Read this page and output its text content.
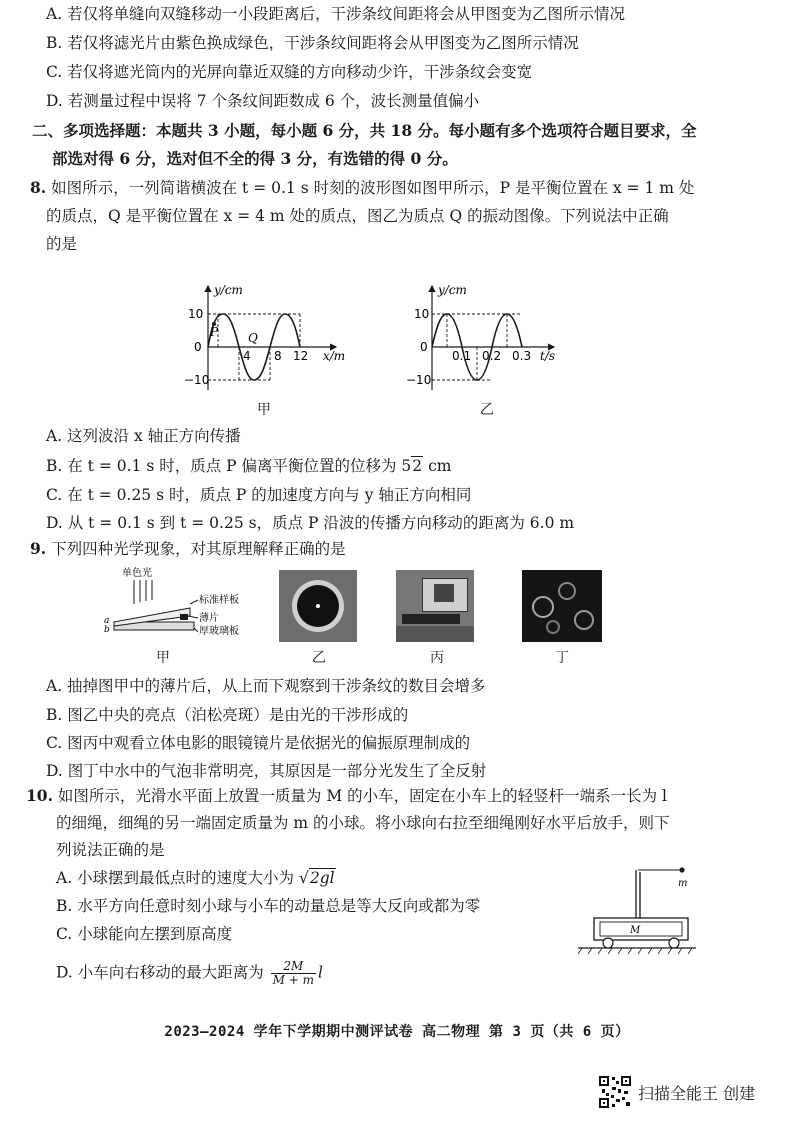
A. 若仅将单缝向双缝移动一小段距离后，干涉条纹间距将会从甲图变为乙图所示情况
B. 若仅将滤光片由紫色换成绿色，干涉条纹间距将会从甲图变为乙图所示情况
C. 若仅将遮光筒内的光屏向靠近双缝的方向移动少许，干涉条纹会变宽
D. 若测量过程中误将 7 个条纹间距数成 6 个，波长测量值偏小
二、多项选择题：本题共 3 小题，每小题 6 分，共 18 分。每小题有多个选项符合题目要求，全
部选对得 6 分，选对但不全的得 3 分，有选错的得 0 分。
8. 如图所示，一列简谐横波在 t = 0.1 s 时刻的波形图如图甲所示，P 是平衡位置在 x = 1 m 处
的质点，Q 是平衡位置在 x = 4 m 处的质点，图乙为质点 Q 的振动图像。下列说法中正确
的是
10
0
−10
y/cm
x/m
4 8 12
P Q
甲
10
0
−10
y/cm
t/s
0.1 0.2 0.3
乙
A. 这列波沿 x 轴正方向传播
B. 在 t = 0.1 s 时，质点 P 偏离平衡位置的位移为 52 cm
C. 在 t = 0.25 s 时，质点 P 的加速度方向与 y 轴正方向相同
D. 从 t = 0.1 s 到 t = 0.25 s，质点 P 沿波的传播方向移动的距离为 6.0 m
9. 下列四种光学现象，对其原理解释正确的是
单色光
标准样板
薄片
厚玻璃板
a
b
甲	乙	丙	丁
A. 抽掉图甲中的薄片后，从上而下观察到干涉条纹的数目会增多
B. 图乙中央的亮点（泊松亮斑）是由光的干涉形成的
C. 图丙中观看立体电影的眼镜镜片是依据光的偏振原理制成的
D. 图丁中水中的气泡非常明亮，其原因是一部分光发生了全反射
10. 如图所示，光滑水平面上放置一质量为 M 的小车，固定在小车上的轻竖杆一端系一长为 l
的细绳，细绳的另一端固定质量为 m 的小球。将小球向右拉至细绳刚好水平后放手，则下
列说法正确的是
A. 小球摆到最低点时的速度大小为 √2gl
B. 水平方向任意时刻小球与小车的动量总是等大反向或都为零
C. 小球能向左摆到原高度
D. 小车向右移动的最大距离为 $\frac{2M}{M + m}$ l
m
M
2023—2024 学年下学期期中测评试卷 高二物理 第 3 页（共 6 页）
扫描全能王 创建
